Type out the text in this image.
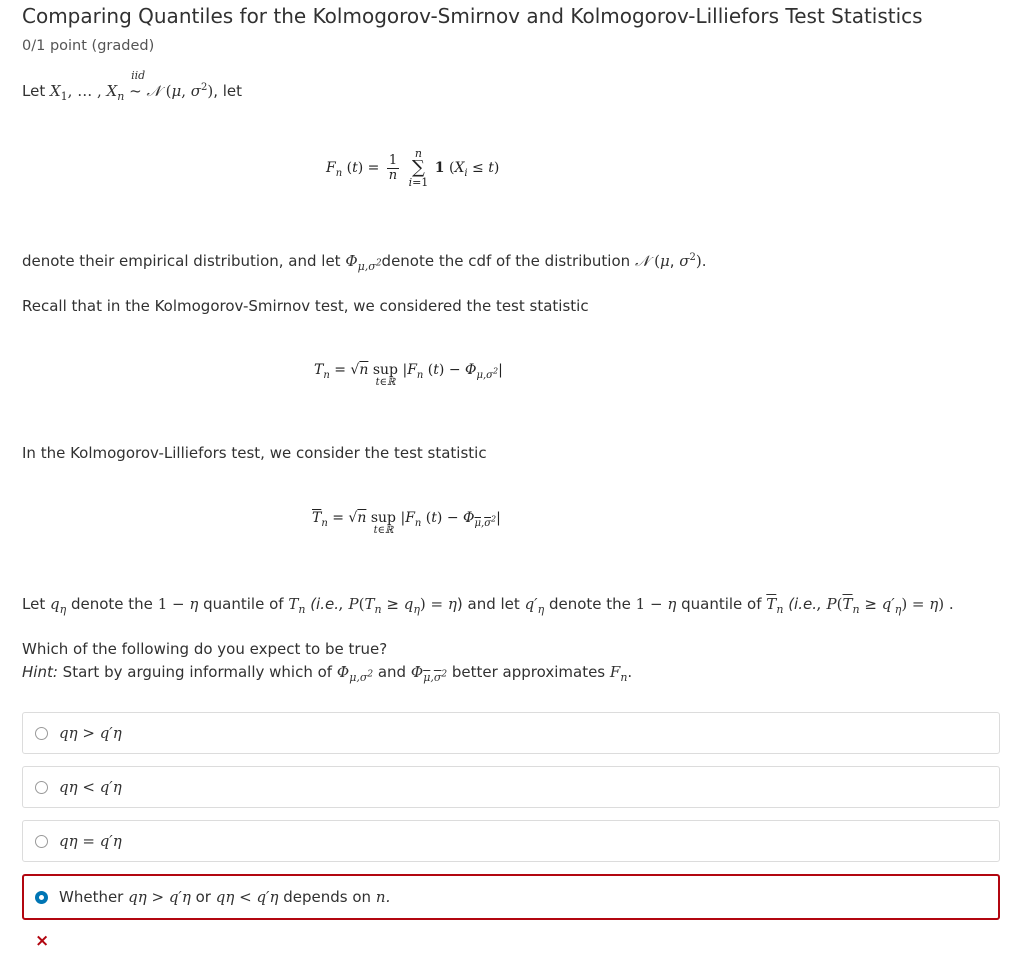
Comparing Quantiles for the Kolmogorov-Smirnov and Kolmogorov-Lilliefors Test Statistics
0/1 point (graded)
Let $X_1$, … , $X_n$
iid
~ 𝒩 (μ, $\sigma^2$), let
$F_n$ $(t) = \frac{1}{n}$
n
∑
i=1
1 $(X_i \le t)$
denote their empirical distribution, and let $\Phi_{\mu,\sigma^2}denote$ the cdf of the distribution 𝒩 (μ, $\sigma^2$).
Recall that in the Kolmogorov-Smirnov test, we considered the test statistic
$T_n = √n$ sup
t∈ℝ
$|F_n$ $(t) - \Phi_{\mu,\sigma^2}|$
In the Kolmogorov-Lilliefors test, we consider the test statistic
$\overline{T}_n = √n$ sup
t∈ℝ
$|F_n$ $(t) - \Phi_{\overline{\mu},\overline{\sigma}^2}|$
Let $q_\eta$ denote the 1 − η quantile of $T_n$ (i.e., $P(T_n \ge q_\eta) = \eta$) and let $q'_\eta$ denote the 1 − η quantile of $\overline{T}_n$ (i.e., $P(\overline{T}_n \ge q'_\eta) = \eta$) .
Which of the following do you expect to be true?
Hint: Start by arguing informally which of $\Phi_{\mu,\sigma^2}$ and $\Phi_{\overline{\mu},\overline{\sigma}^2}$ better approximates $F_n$.
qη > q′η
qη < q′η
qη = q′η
Whether qη > q′η or qη < q′η depends on n.
×
